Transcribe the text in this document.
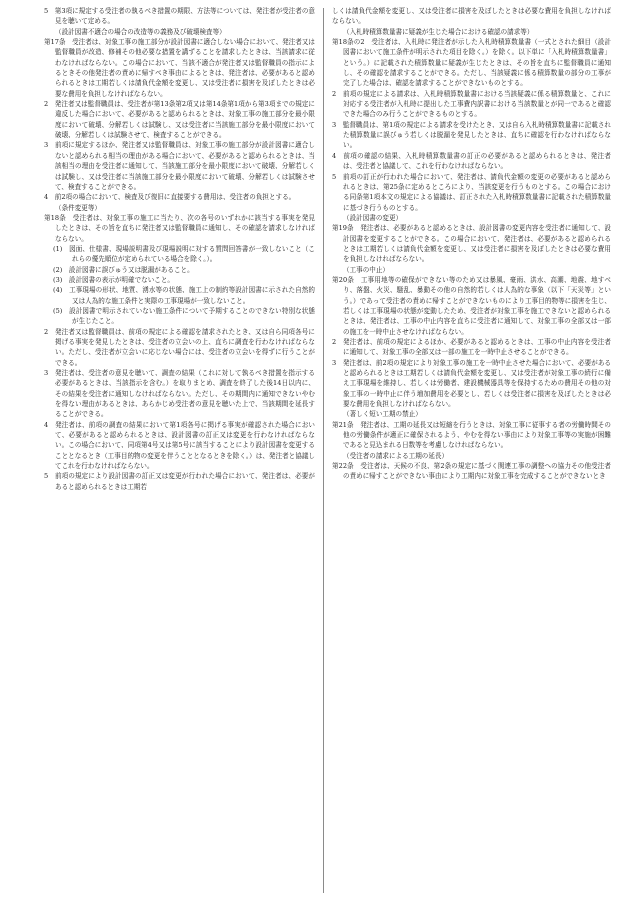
5　第3項に規定する受注者の執るべき措置の期限、方法等については、発注者が受注者の意見を聴いて定める。
（設計図書不適合の場合の改造等の義務及び破壊検査等）
第17条　受注者は、対象工事の施工部分が設計図書に適合しない場合において、発注者又は監督職員が改造、修補その他必要な措置を講ずることを請求したときは、当該請求に従わなければならない。この場合において、当該不適合が発注者又は監督職員の指示によるときその他発注者の責めに帰すべき事由によるときは、発注者は、必要があると認められるときは工期若しくは請負代金額を変更し、又は受注者に損害を及ぼしたときは必要な費用を負担しなければならない。
2　発注者又は監督職員は、受注者が第13条第2項又は第14条第1項から第3項までの規定に違反した場合において、必要があると認められるときは、対象工事の施工部分を最小限度において破壊、分解若しくは試験し、又は受注者に当該施工部分を最小限度において破壊、分解若しくは試験させて、検査することができる。
3　前項に規定するほか、発注者又は監督職員は、対象工事の施工部分が設計図書に適合しないと認められる相当の理由がある場合において、必要があると認められるときは、当該相当の理由を受注者に通知して、当該施工部分を最小限度において破壊、分解若しくは試験し、又は受注者に当該施工部分を最小限度において破壊、分解若しくは試験させて、検査することができる。
4　前2項の場合において、検査及び復旧に直接要する費用は、受注者の負担とする。
（条件変更等）
第18条　受注者は、対象工事の施工に当たり、次の各号のいずれかに該当する事実を発見したときは、その旨を直ちに発注者又は監督職員に通知し、その確認を請求しなければならない。
(1)　図面、仕様書、現場説明書及び現場説明に対する質問回答書が一致しないこと（これらの優先順位が定められている場合を除く。）。
(2)　設計図書に誤びゅう又は脱漏があること。
(3)　設計図書の表示が明確でないこと。
(4)　工事現場の形状、地質、湧水等の状態、施工上の制約等設計図書に示された自然的又は人為的な施工条件と実際の工事現場が一致しないこと。
(5)　設計図書で明示されていない施工条件について予期することのできない特別な状態が生じたこと。
2　発注者又は監督職員は、前項の規定による確認を請求されたとき、又は自ら同項各号に掲げる事実を発見したときは、受注者の立会いの上、直ちに調査を行わなければならない。ただし、受注者が立会いに応じない場合には、受注者の立会いを得ずに行うことができる。
3　発注者は、受注者の意見を聴いて、調査の結果（これに対して執るべき措置を指示する必要があるときは、当該指示を含む。）を取りまとめ、調査を終了した後14日以内に、その結果を受注者に通知しなければならない。ただし、その期間内に通知できないやむを得ない理由があるときは、あらかじめ受注者の意見を聴いた上で、当該期間を延長することができる。
4　発注者は、前項の調査の結果において第1項各号に掲げる事実が確認された場合において、必要があると認められるときは、設計図書の訂正又は変更を行わなければならない。この場合において、同項第4号又は第5号に該当することにより設計図書を変更することとなるとき（工事目的物の変更を伴うこととなるときを除く。）は、発注者と協議してこれを行わなければならない。
5　前項の規定により設計図書の訂正又は変更が行われた場合において、発注者は、必要があると認められるときは工期若
しくは請負代金額を変更し、又は受注者に損害を及ぼしたときは必要な費用を負担しなければならない。
（入札時積算数量書に疑義が生じた場合における確認の請求等）
第18条の2　受注者は、入札時に発注者が示した入札時積算数量書（一式とされた細目（設計図書において施工条件が明示された項目を除く。）を除く。以下単に「入札時積算数量書」という。）に記載された積算数量に疑義が生じたときは、その旨を直ちに監督職員に通知し、その確認を請求することができる。ただし、当該疑義に係る積算数量の部分の工事が完了した場合は、確認を請求することができないものとする。
2　前項の規定による請求は、入札時積算数量書における当該疑義に係る積算数量と、これに対応する受注者が入札時に提出した工事費内訳書における当該数量とが同一であると確認できた場合のみ行うことができるものとする。
3　監督職員は、第1項の規定による請求を受けたとき、又は自ら入札時積算数量書に記載された積算数量に誤びゅう若しくは脱漏を発見したときは、直ちに確認を行わなければならない。
4　前項の確認の結果、入札時積算数量書の訂正の必要があると認められるときは、発注者は、受注者と協議して、これを行わなければならない。
5　前項の訂正が行われた場合において、発注者は、請負代金額の変更の必要があると認められるときは、第25条に定めるところにより、当該変更を行うものとする。この場合における同条第1項本文の規定による協議は、訂正された入札時積算数量書に記載された積算数量に基づき行うものとする。
（設計図書の変更）
第19条　発注者は、必要があると認めるときは、設計図書の変更内容を受注者に通知して、設計図書を変更することができる。この場合において、発注者は、必要があると認められるときは工期若しくは請負代金額を変更し、又は受注者に損害を及ぼしたときは必要な費用を負担しなければならない。
（工事の中止）
第20条　工事用地等の確保ができない等のため又は暴風、豪雨、洪水、高潮、地震、地すべり、落盤、火災、騒乱、暴動その他の自然的若しくは人為的な事象（以下「天災等」という。）であって受注者の責めに帰すことができないものにより工事目的物等に損害を生じ、若しくは工事現場の状態が変動したため、受注者が対象工事を施工できないと認められるときは、発注者は、工事の中止内容を直ちに受注者に通知して、対象工事の全部又は一部の施工を一時中止させなければならない。
2　発注者は、前項の規定によるほか、必要があると認めるときは、工事の中止内容を受注者に通知して、対象工事の全部又は一部の施工を一時中止させることができる。
3　発注者は、前2項の規定により対象工事の施工を一時中止させた場合において、必要があると認められるときは工期若しくは請負代金額を変更し、又は受注者が対象工事の続行に備え工事現場を維持し、若しくは労働者、建設機械器具等を保持するための費用その他の対象工事の一時中止に伴う増加費用を必要とし、若しくは受注者に損害を及ぼしたときは必要な費用を負担しなければならない。
（著しく短い工期の禁止）
第21条　発注者は、工期の延長又は短縮を行うときは、対象工事に従事する者の労働時間その他の労働条件が適正に確保されるよう、やむを得ない事由により対象工事等の実施が困難であると見込まれる日数等を考慮しなければならない。
（受注者の請求による工期の延長）
第22条　受注者は、天候の不良、第2条の規定に基づく関連工事の調整への協力その他受注者の責めに帰すことができない事由により工期内に対象工事を完成することができないとき
